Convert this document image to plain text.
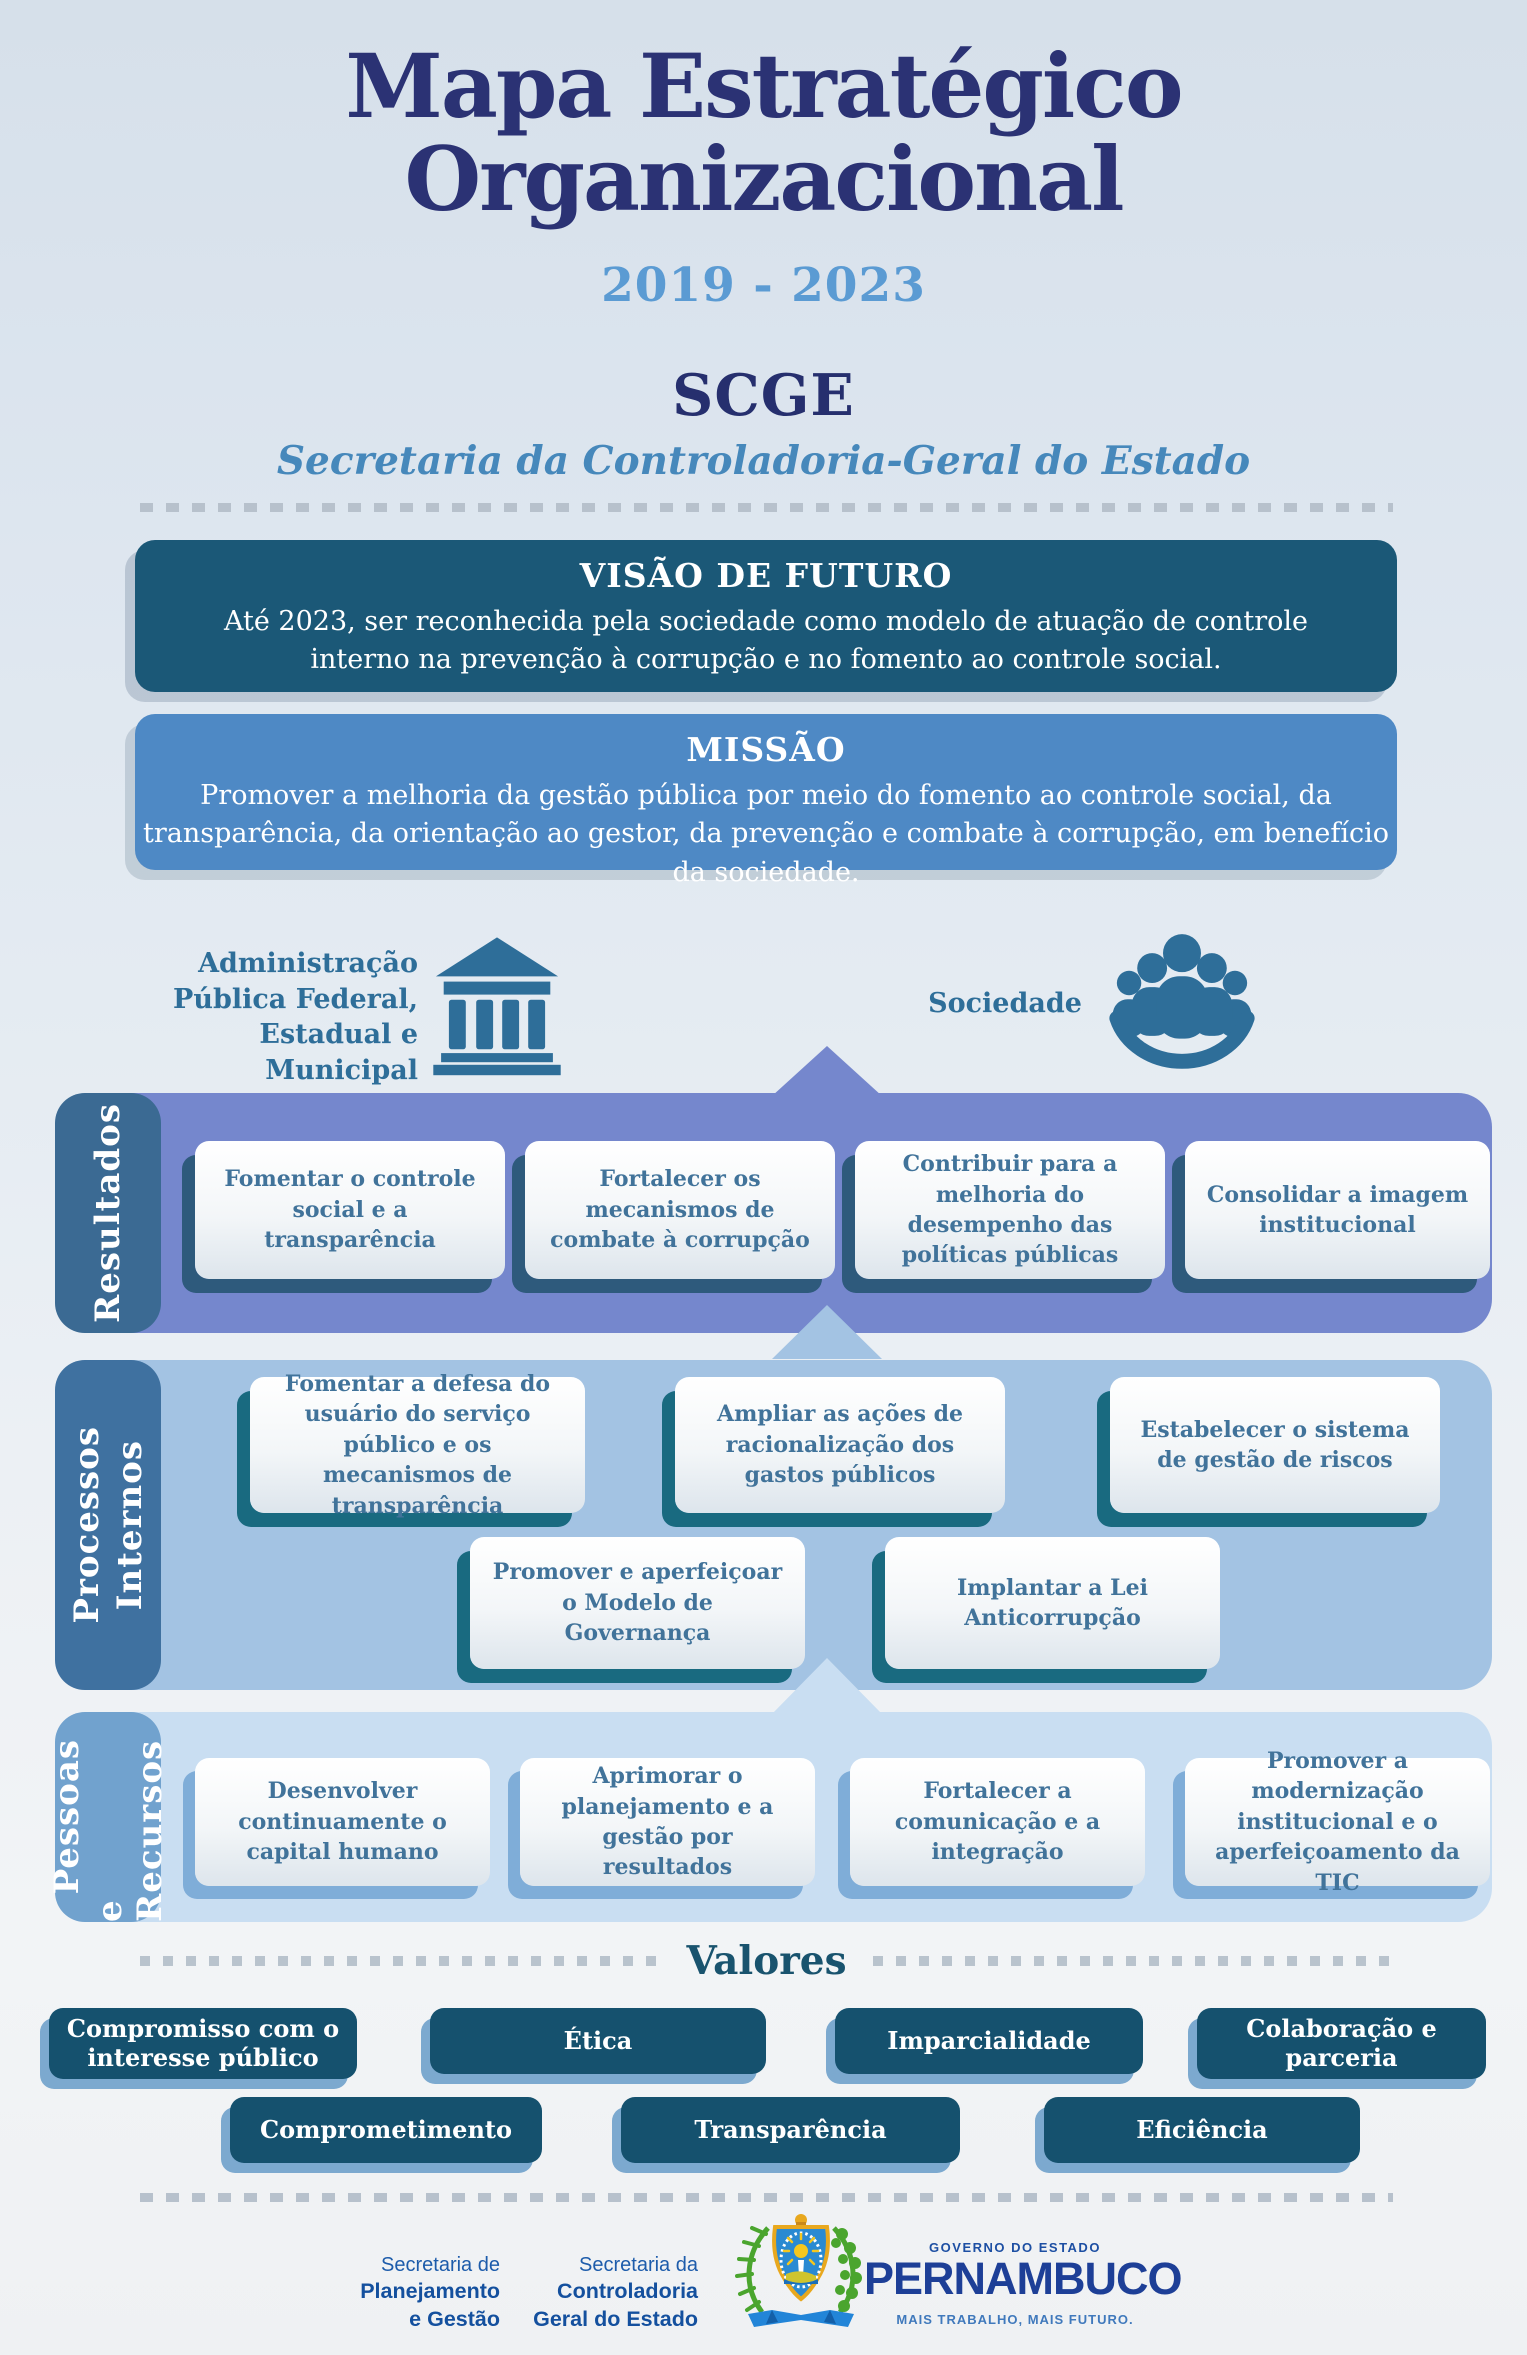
Mapa Estratégico
Organizacional
2019 - 2023
SCGE
Secretaria da Controladoria-Geral do Estado
VISÃO DE FUTURO

Até 2023, ser reconhecida pela sociedade como modelo de atuação de controle interno na prevenção à corrupção e no fomento ao controle social.

MISSÃO

Promover a melhoria da gestão pública por meio do fomento ao controle social, da transparência, da orientação ao gestor, da prevenção e combate à corrupção, em benefício da sociedade.

Administração
Pública Federal,
Estadual e Municipal
Sociedade
Resultados	Fomentar o controle social e a transparência
Fortalecer os mecanismos de combate à corrupção
Contribuir para a melhoria do desempenho das políticas públicas
Consolidar a imagem institucional
Processos Internos
Fomentar a defesa do usuário do serviço público e os mecanismos de transparência
Ampliar as ações de racionalização dos gastos públicos
Estabelecer o sistema de gestão de riscos
Promover e aperfeiçoar o Modelo de Governança
Implantar a Lei Anticorrupção
Pessoas
e Recursos	Desenvolver continuamente o capital humano
Aprimorar o planejamento e a gestão por resultados
Fortalecer a comunicação e a integração
Promover a modernização institucional e o aperfeiçoamento da TIC
Valores
Compromisso com o interesse público
Ética	Imparcialidade	Colaboração e parceria
Comprometimento	Transparência	Eficiência
Secretaria de
Planejamento
e Gestão
Secretaria da
Controladoria
Geral do Estado
GOVERNO DO ESTADO
PERNAMBUCO
MAIS TRABALHO, MAIS FUTURO.
